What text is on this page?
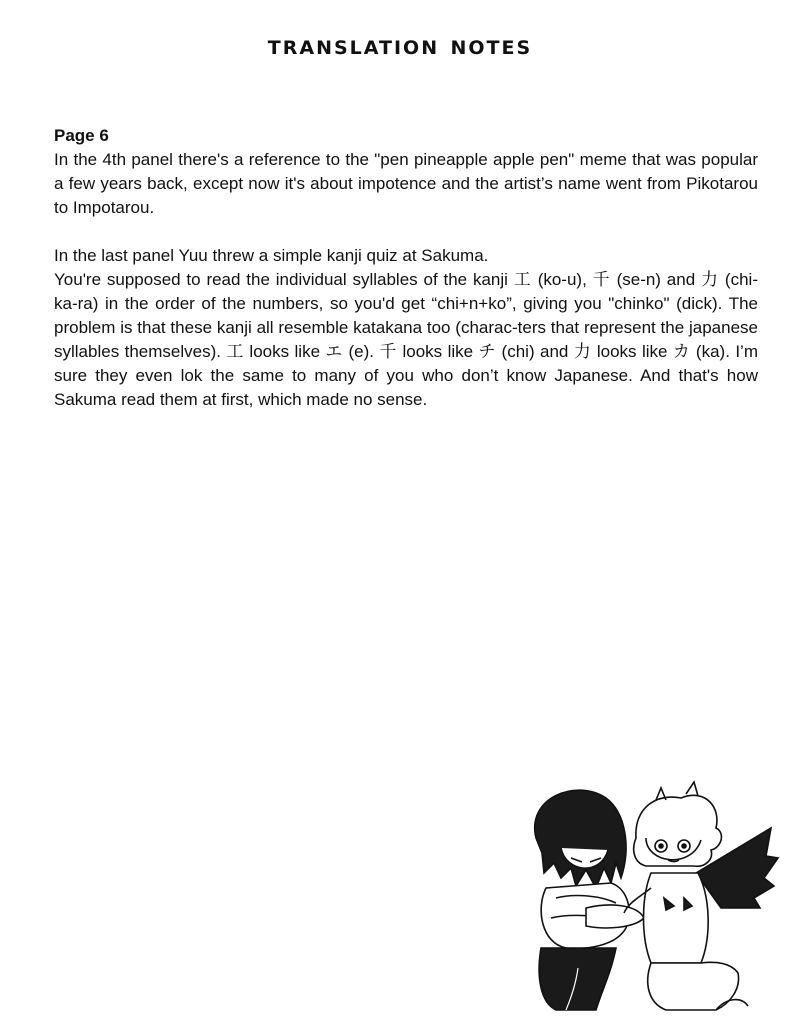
translation notes

Page 6

In the 4th panel there's a reference to the "pen pineapple apple pen" meme that was popular a few years back, except now it's about impotence and the artist’s name went from Pikotarou to Impotarou.

In the last panel Yuu threw a simple kanji quiz at Sakuma.

You're supposed to read the individual syllables of the kanji 工 (ko-u), 千 (se-n) and 力 (chi-ka-ra) in the order of the numbers, so you'd get “chi+n+ko”, giving you "chinko" (dick). The problem is that these kanji all resemble katakana too (charac-ters that represent the japanese syllables themselves). 工 looks like エ (e). 千 looks like チ (chi) and 力 looks like カ (ka). I’m sure they even lok the same to many of you who don’t know Japanese. And that's how Sakuma read them at first, which made no sense.
